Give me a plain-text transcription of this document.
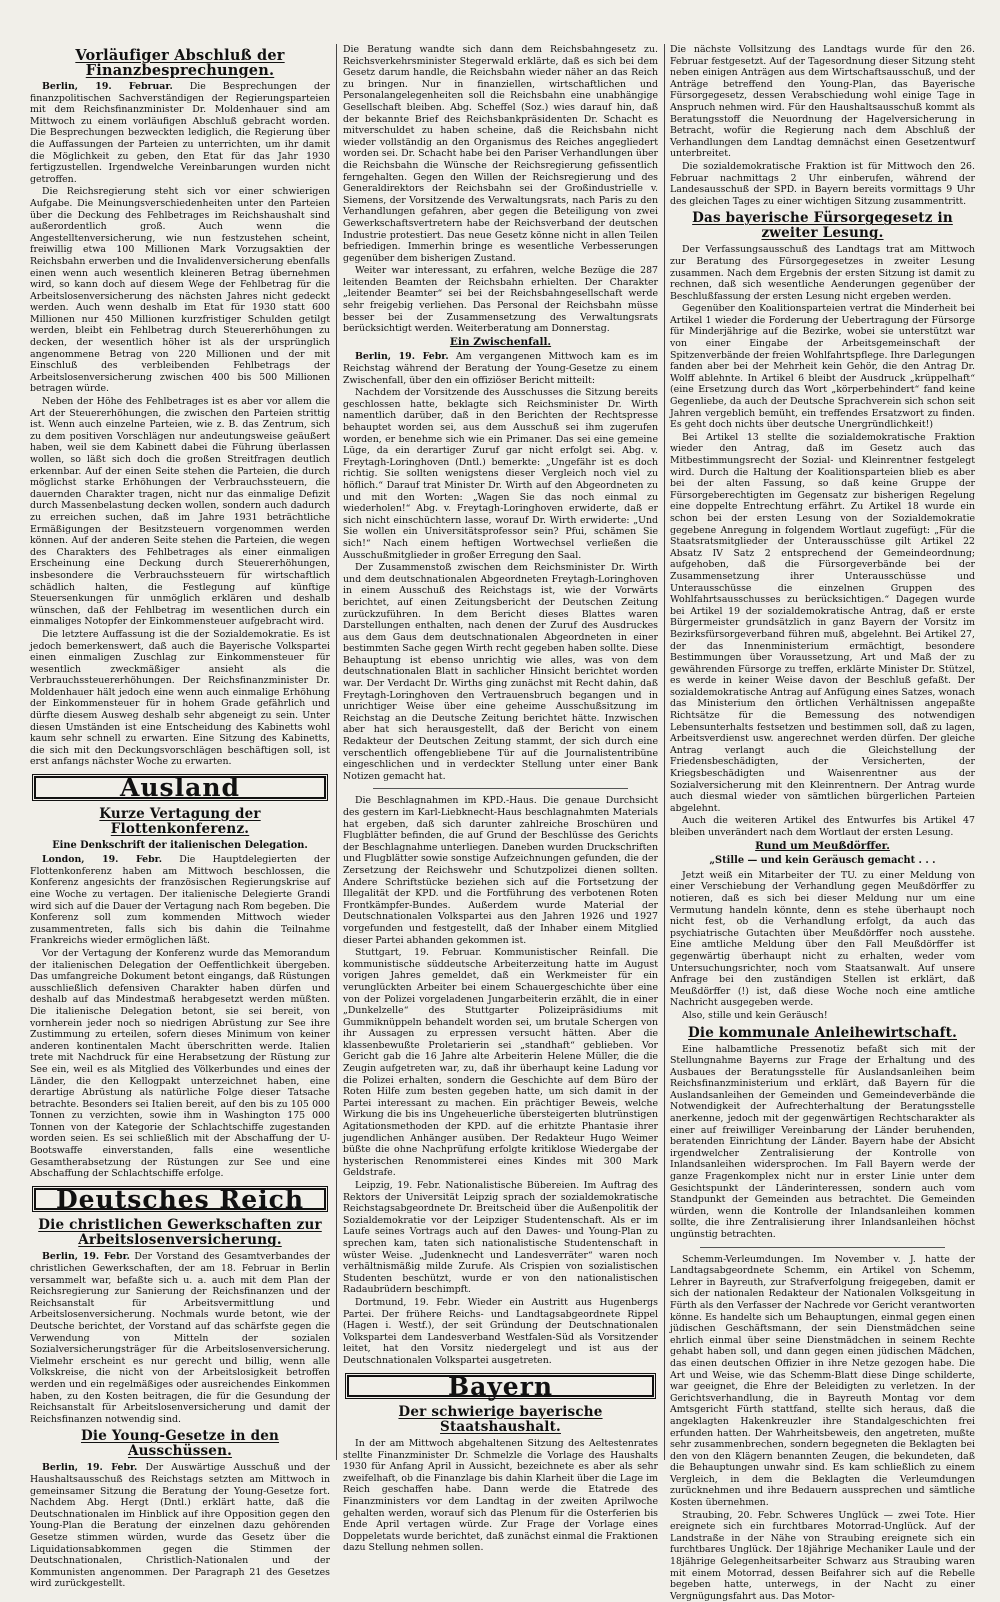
Vorläufiger Abschluß der Finanzbesprechungen.

Berlin, 19. Februar. Die Besprechungen der finanzpolitischen Sachverständigen der Regierungsparteien mit dem Reichsfinanzminister Dr. Moldenhauer sind am Mittwoch zu einem vorläufigen Abschluß gebracht worden. Die Besprechungen bezweckten lediglich, die Regierung über die Auffassungen der Parteien zu unterrichten, um ihr damit die Möglichkeit zu geben, den Etat für das Jahr 1930 fertigzustellen. Irgendwelche Vereinbarungen wurden nicht getroffen.

Die Reichsregierung steht sich vor einer schwierigen Aufgabe. Die Meinungsverschiedenheiten unter den Parteien über die Deckung des Fehlbetrages im Reichshaushalt sind außerordentlich groß. Auch wenn die Angestelltenversicherung, wie nun festzustehen scheint, freiwillig etwa 100 Millionen Mark Vorzugsaktien der Reichsbahn erwerben und die Invalidenversicherung ebenfalls einen wenn auch wesentlich kleineren Betrag übernehmen wird, so kann doch auf diesem Wege der Fehlbetrag für die Arbeitslosenversicherung des nächsten Jahres nicht gedeckt werden. Auch wenn deshalb im Etat für 1930 statt 600 Millionen nur 450 Millionen kurzfristiger Schulden getilgt werden, bleibt ein Fehlbetrag durch Steuererhöhungen zu decken, der wesentlich höher ist als der ursprünglich angenommene Betrag von 220 Millionen und der mit Einschluß des verbleibenden Fehlbetrags der Arbeitslosenversicherung zwischen 400 bis 500 Millionen betragen würde.

Neben der Höhe des Fehlbetrages ist es aber vor allem die Art der Steuererhöhungen, die zwischen den Parteien strittig ist. Wenn auch einzelne Parteien, wie z. B. das Zentrum, sich zu dem positiven Vorschlägen nur andeutungsweise geäußert haben, weil sie dem Kabinett dabei die Führung überlassen wollen, so läßt sich doch die großen Streitfragen deutlich erkennbar. Auf der einen Seite stehen die Parteien, die durch möglichst starke Erhöhungen der Verbrauchssteuern, die dauernden Charakter tragen, nicht nur das einmalige Defizit durch Massenbelastung decken wollen, sondern auch dadurch zu erreichen suchen, daß im Jahre 1931 beträchtliche Ermäßigungen der Besitzsteuern vorgenommen werden können. Auf der anderen Seite stehen die Parteien, die wegen des Charakters des Fehlbetrages als einer einmaligen Erscheinung eine Deckung durch Steuererhöhungen, insbesondere die Verbrauchssteuern für wirtschaftlich schädlich halten, die Festlegung auf künftige Steuersenkungen für unmöglich erklären und deshalb wünschen, daß der Fehlbetrag im wesentlichen durch ein einmaliges Notopfer der Einkommensteuer aufgebracht wird.

Die letztere Auffassung ist die der Sozialdemokratie. Es ist jedoch bemerkenswert, daß auch die Bayerische Volkspartei einen einmaligen Zuschlag zur Einkommensteuer für wesentlich zweckmäßiger ansieht als die Verbrauchssteuererhöhungen. Der Reichsfinanzminister Dr. Moldenhauer hält jedoch eine wenn auch einmalige Erhöhung der Einkommensteuer für in hohem Grade gefährlich und dürfte diesem Ausweg deshalb sehr abgeneigt zu sein. Unter diesen Umständen ist eine Entscheidung des Kabinetts wohl kaum sehr schnell zu erwarten. Eine Sitzung des Kabinetts, die sich mit den Deckungsvorschlägen beschäftigen soll, ist erst anfangs nächster Woche zu erwarten.

Ausland
Kurze Vertagung der Flottenkonferenz.
Eine Denkschrift der italienischen Delegation.

London, 19. Febr. Die Hauptdelegierten der Flottenkonferenz haben am Mittwoch beschlossen, die Konferenz angesichts der französischen Regierungskrise auf eine Woche zu vertagen. Der italienische Delegierte Grandi wird sich auf die Dauer der Vertagung nach Rom begeben. Die Konferenz soll zum kommenden Mittwoch wieder zusammentreten, falls sich bis dahin die Teilnahme Frankreichs wieder ermöglichen läßt.

Vor der Vertagung der Konferenz wurde das Memorandum der italienischen Delegation der Oeffentlichkeit übergeben. Das umfangreiche Dokument betont eingangs, daß Rüstungen ausschließlich defensiven Charakter haben dürfen und deshalb auf das Mindestmaß herabgesetzt werden müßten. Die italienische Delegation betont, sie sei bereit, von vornherein jeder noch so niedrigen Abrüstung zur See ihre Zustimmung zu erteilen, sofern dieses Minimum von keiner anderen kontinentalen Macht überschritten werde. Italien trete mit Nachdruck für eine Herabsetzung der Rüstung zur See ein, weil es als Mitglied des Völkerbundes und eines der Länder, die den Kellogpakt unterzeichnet haben, eine derartige Abrüstung als natürliche Folge dieser Tatsache betrachte. Besonders sei Italien bereit, auf den bis zu 105 000 Tonnen zu verzichten, sowie ihm in Washington 175 000 Tonnen von der Kategorie der Schlachtschiffe zugestanden worden seien. Es sei schließlich mit der Abschaffung der U-Bootswaffe einverstanden, falls eine wesentliche Gesamtherabsetzung der Rüstungen zur See und eine Abschaffung der Schlachtschiffe erfolge.

Deutsches Reich
Die christlichen Gewerkschaften zur Arbeitslosenversicherung.

Berlin, 19. Febr. Der Vorstand des Gesamtverbandes der christlichen Gewerkschaften, der am 18. Februar in Berlin versammelt war, befaßte sich u. a. auch mit dem Plan der Reichsregierung zur Sanierung der Reichsfinanzen und der Reichsanstalt für Arbeitsvermittlung und Arbeitslosenversicherung. Nochmals wurde betont, wie der Deutsche berichtet, der Vorstand auf das schärfste gegen die Verwendung von Mitteln der sozialen Sozialversicherungsträger für die Arbeitslosenversicherung. Vielmehr erscheint es nur gerecht und billig, wenn alle Volkskreise, die nicht von der Arbeitslosigkeit betroffen werden und ein regelmäßiges oder ausreichendes Einkommen haben, zu den Kosten beitragen, die für die Gesundung der Reichsanstalt für Arbeitslosenversicherung und damit der Reichsfinanzen notwendig sind.

Die Young-Gesetze in den Ausschüssen.

Berlin, 19. Febr. Der Auswärtige Ausschuß und der Haushaltsausschuß des Reichstags setzten am Mittwoch in gemeinsamer Sitzung die Beratung der Young-Gesetze fort. Nachdem Abg. Hergt (Dntl.) erklärt hatte, daß die Deutschnationalen im Hinblick auf ihre Opposition gegen den Young-Plan die Beratung der einzelnen dazu gehörenden Gesetze stimmen würden, wurde das Gesetz über die Liquidationsabkommen gegen die Stimmen der Deutschnationalen, Christlich-Nationalen und der Kommunisten angenommen. Der Paragraph 21 des Gesetzes wird zurückgestellt.

Die Beratung wandte sich dann dem Reichsbahngesetz zu. Reichsverkehrsminister Stegerwald erklärte, daß es sich bei dem Gesetz darum handle, die Reichsbahn wieder näher an das Reich zu bringen. Nur in finanziellen, wirtschaftlichen und Personalangelegenheiten soll die Reichsbahn eine unabhängige Gesellschaft bleiben. Abg. Scheffel (Soz.) wies darauf hin, daß der bekannte Brief des Reichsbankpräsidenten Dr. Schacht es mitverschuldet zu haben scheine, daß die Reichsbahn nicht wieder vollständig an den Organismus des Reiches angegliedert worden sei. Dr. Schacht habe bei den Pariser Verhandlungen über die Reichsbahn die Wünsche der Reichsregierung gefissentlich ferngehalten. Gegen den Willen der Reichsregierung und des Generaldirektors der Reichsbahn sei der Großindustrielle v. Siemens, der Vorsitzende des Verwaltungsrats, nach Paris zu den Verhandlungen gefahren, aber gegen die Beteiligung von zwei Gewerkschaftsvertretern habe der Reichsverband der deutschen Industrie protestiert. Das neue Gesetz könne nicht in allen Teilen befriedigen. Immerhin bringe es wesentliche Verbesserungen gegenüber dem bisherigen Zustand.

Weiter war interessant, zu erfahren, welche Bezüge die 287 leitenden Beamten der Reichsbahn erhielten. Der Charakter „leitender Beamter“ sei bei der Reichsbahngesellschaft werde sehr freigebig verliehen. Das Personal der Reichsbahn müsse besser bei der Zusammensetzung des Verwaltungsrats berücksichtigt werden. Weiterberatung am Donnerstag.

Ein Zwischenfall.

Berlin, 19. Febr. Am vergangenen Mittwoch kam es im Reichstag während der Beratung der Young-Gesetze zu einem Zwischenfall, über den ein offiziöser Bericht mitteilt:

Nachdem der Vorsitzende des Ausschusses die Sitzung bereits geschlossen hatte, beklagte sich Reichsminister Dr. Wirth namentlich darüber, daß in den Berichten der Rechtspresse behauptet worden sei, aus dem Ausschuß sei ihm zugerufen worden, er benehme sich wie ein Primaner. Das sei eine gemeine Lüge, da ein derartiger Zuruf gar nicht erfolgt sei. Abg. v. Freytagh-Loringhoven (Dntl.) bemerkte: „Ungefähr ist es doch richtig. Sie sollten wenigstens dieser Vergleich noch viel zu höflich.“ Darauf trat Minister Dr. Wirth auf den Abgeordneten zu und mit den Worten: „Wagen Sie das noch einmal zu wiederholen!“ Abg. v. Freytagh-Loringhoven erwiderte, daß er sich nicht einschüchtern lasse, worauf Dr. Wirth erwiderte: „Und Sie wollen ein Universitätsprofessor sein? Pfui, schämen Sie sich!“ Nach einem heftigen Wortwechsel verließen die Ausschußmitglieder in großer Erregung den Saal.

Der Zusammenstoß zwischen dem Reichsminister Dr. Wirth und dem deutschnationalen Abgeordneten Freytagh-Loringhoven in einem Ausschuß des Reichstags ist, wie der Vorwärts berichtet, auf einen Zeitungsbericht der Deutschen Zeitung zurückzuführen. In dem Bericht dieses Blattes waren Darstellungen enthalten, nach denen der Zuruf des Ausdruckes aus dem Gaus dem deutschnationalen Abgeordneten in einer bestimmten Sache gegen Wirth recht gegeben haben sollte. Diese Behauptung ist ebenso unrichtig wie alles, was von dem deutschnationalen Blatt in sachlicher Hinsicht berichtet worden war. Der Verdacht Dr. Wirths ging zunächst mit Recht dahin, daß Freytagh-Loringhoven den Vertrauensbruch begangen und in unrichtiger Weise über eine geheime Ausschußsitzung im Reichstag an die Deutsche Zeitung berichtet hätte. Inzwischen aber hat sich herausgestellt, daß der Bericht von einem Redakteur der Deutschen Zeitung stammt, der sich durch eine verschentlich offengebliebene Tür auf die Journalistentribüne eingeschlichen und in verdeckter Stellung unter einer Bank Notizen gemacht hat.

Die Beschlagnahmen im KPD.-Haus. Die genaue Durchsicht des gestern im Karl-Liebknecht-Haus beschlagnahmten Materials hat ergeben, daß sich darunter zahlreiche Broschüren und Flugblätter befinden, die auf Grund der Beschlüsse des Gerichts der Beschlagnahme unterliegen. Daneben wurden Druckschriften und Flugblätter sowie sonstige Aufzeichnungen gefunden, die der Zersetzung der Reichswehr und Schutzpolizei dienen sollten. Andere Schriftstücke beziehen sich auf die Fortsetzung der Illegalität der KPD. und die Fortführung des verbotenen Roten Frontkämpfer-Bundes. Außerdem wurde Material der Deutschnationalen Volkspartei aus den Jahren 1926 und 1927 vorgefunden und festgestellt, daß der Inhaber einem Mitglied dieser Partei abhanden gekommen ist.

Stuttgart, 19. Februar. Kommunistischer Reinfall. Die kommunistische süddeutsche Arbeiterzeitung hatte im August vorigen Jahres gemeldet, daß ein Werkmeister für ein verunglückten Arbeiter bei einem Schauergeschichte über eine von der Polizei vorgeladenen Jungarbeiterin erzählt, die in einer „Dunkelzelle“ des Stuttgarter Polizeipräsidiums mit Gummiknüppeln behandelt worden sei, um brutale Schergen von ihr Aussagen zu erpressen versucht hätten. Aber die klassenbewußte Proletarierin sei „standhaft“ geblieben. Vor Gericht gab die 16 Jahre alte Arbeiterin Helene Müller, die die Zeugin aufgetreten war, zu, daß ihr überhaupt keine Ladung vor die Polizei erhalten, sondern die Geschichte auf dem Büro der Roten Hilfe zum besten gegeben hatte, um sich damit in der Partei interessant zu machen. Ein prächtiger Beweis, welche Wirkung die bis ins Ungeheuerliche übersteigerten blutrünstigen Agitationsmethoden der KPD. auf die erhitzte Phantasie ihrer jugendlichen Anhänger ausüben. Der Redakteur Hugo Weimer büßte die ohne Nachprüfung erfolgte kritiklose Wiedergabe der hysterischen Renommisterei eines Kindes mit 300 Mark Geldstrafe.

Leipzig, 19. Febr. Nationalistische Bübereien. Im Auftrag des Rektors der Universität Leipzig sprach der sozialdemokratische Reichstagsabgeordnete Dr. Breitscheid über die Außenpolitik der Sozialdemokratie vor der Leipziger Studentenschaft. Als er im Laufe seines Vortrags auch auf den Dawes- und Young-Plan zu sprechen kam, taten sich nationalistische Studentenschaft in wüster Weise. „Judenknecht und Landesverräter“ waren noch verhältnismäßig milde Zurufe. Als Crispien von sozialistischen Studenten beschützt, wurde er von den nationalistischen Radaubrüdern beschimpft.

Dortmund, 19. Febr. Wieder ein Austritt aus Hugenbergs Partei. Der frühere Reichs- und Landtagsabgeordnete Rippel (Hagen i. Westf.), der seit Gründung der Deutschnationalen Volkspartei dem Landesverband Westfalen-Süd als Vorsitzender leitet, hat den Vorsitz niedergelegt und ist aus der Deutschnationalen Volkspartei ausgetreten.

Bayern
Der schwierige bayerische Staatshaushalt.

In der am Mittwoch abgehaltenen Sitzung des Aeltestenrates stellte Finanzminister Dr. Schmelzle die Vorlage des Haushalts 1930 für Anfang April in Aussicht, bezeichnete es aber als sehr zweifelhaft, ob die Finanzlage bis dahin Klarheit über die Lage im Reich geschaffen habe. Dann werde die Etatrede des Finanzministers vor dem Landtag in der zweiten Aprilwoche gehalten werden, worauf sich das Plenum für die Osterferien bis Ende April vertagen würde. Zur Frage der Vorlage eines Doppeletats wurde berichtet, daß zunächst einmal die Fraktionen dazu Stellung nehmen sollen.

Die nächste Vollsitzung des Landtags wurde für den 26. Februar festgesetzt. Auf der Tagesordnung dieser Sitzung steht neben einigen Anträgen aus dem Wirtschaftsausschuß, und der Anträge betreffend den Young-Plan, das Bayerische Fürsorgegesetz, dessen Verabschiedung wohl einige Tage in Anspruch nehmen wird. Für den Haushaltsausschuß kommt als Beratungsstoff die Neuordnung der Hagelversicherung in Betracht, wofür die Regierung nach dem Abschluß der Verhandlungen dem Landtag demnächst einen Gesetzentwurf unterbreitet.

Die sozialdemokratische Fraktion ist für Mittwoch den 26. Februar nachmittags 2 Uhr einberufen, während der Landesausschuß der SPD. in Bayern bereits vormittags 9 Uhr des gleichen Tages zu einer wichtigen Sitzung zusammentritt.

Das bayerische Fürsorgegesetz in zweiter Lesung.

Der Verfassungsausschuß des Landtags trat am Mittwoch zur Beratung des Fürsorgegesetzes in zweiter Lesung zusammen. Nach dem Ergebnis der ersten Sitzung ist damit zu rechnen, daß sich wesentliche Aenderungen gegenüber der Beschlußfassung der ersten Lesung nicht ergeben werden.

Gegenüber den Koalitionsparteien vertrat die Minderheit bei Artikel 1 wieder die Forderung der Uebertragung der Fürsorge für Minderjährige auf die Bezirke, wobei sie unterstützt war von einer Eingabe der Arbeitsgemeinschaft der Spitzenverbände der freien Wohlfahrtspflege. Ihre Darlegungen fanden aber bei der Mehrheit kein Gehör, die den Antrag Dr. Wolff ablehnte. In Artikel 6 bleibt der Ausdruck „krüppelhaft“ (eine Ersetzung durch das Wort „körperbehindert“ fand keine Gegenliebe, da auch der Deutsche Sprachverein sich schon seit Jahren vergeblich bemüht, ein treffendes Ersatzwort zu finden. Es geht doch nichts über deutsche Unergründlichkeit!)

Bei Artikel 13 stellte die sozialdemokratische Fraktion wieder den Antrag, daß im Gesetz auch das Mitbestimmungsrecht der Sozial- und Kleinrentner festgelegt wird. Durch die Haltung der Koalitionsparteien blieb es aber bei der alten Fassung, so daß keine Gruppe der Fürsorgeberechtigten im Gegensatz zur bisherigen Regelung eine doppelte Entrechtung erfährt. Zu Artikel 18 wurde ein schon bei der ersten Lesung von der Sozialdemokratie gegebene Anregung in folgendem Wortlaut zugefügt: „Für die Staatsratsmitglieder der Unterausschüsse gilt Artikel 22 Absatz IV Satz 2 entsprechend der Gemeindeordnung; aufgehoben, daß die Fürsorgeverbände bei der Zusammensetzung ihrer Unterausschüsse und Unterausschüsse die einzelnen Gruppen des Wohlfahrtsausschusses zu berücksichtigen.“ Dagegen wurde bei Artikel 19 der sozialdemokratische Antrag, daß er erste Bürgermeister grundsätzlich in ganz Bayern der Vorsitz im Bezirksfürsorgeverband führen muß, abgelehnt. Bei Artikel 27, der das Innenministerium ermächtigt, besondere Bestimmungen über Voraussetzung, Art und Maß der zu gewährenden Fürsorge zu treffen, erklärte Minister Dr. Stützel, es werde in keiner Weise davon der Beschluß gefaßt. Der sozialdemokratische Antrag auf Anfügung eines Satzes, wonach das Ministerium den örtlichen Verhältnissen angepaßte Richtsätze für die Bemessung des notwendigen Lebensunterhalts festsetzen und bestimmen soll, daß zu lagen, Arbeitsverdienst usw. angerechnet werden dürfen. Der gleiche Antrag verlangt auch die Gleichstellung der Friedensbeschädigten, der Versicherten, der Kriegsbeschädigten und Waisenrentner aus der Sozialversicherung mit den Kleinrentnern. Der Antrag wurde auch diesmal wieder von sämtlichen bürgerlichen Parteien abgelehnt.

Auch die weiteren Artikel des Entwurfes bis Artikel 47 bleiben unverändert nach dem Wortlaut der ersten Lesung.

Rund um Meußdörffer.
„Stille — und kein Geräusch gemacht . . .

Jetzt weiß ein Mitarbeiter der TU. zu einer Meldung von einer Verschiebung der Verhandlung gegen Meußdörffer zu notieren, daß es sich bei dieser Meldung nur um eine Vermutung handeln könnte, denn es stehe überhaupt noch nicht fest, ob die Verhandlung erfolgt, da auch das psychiatrische Gutachten über Meußdörffer noch ausstehe. Eine amtliche Meldung über den Fall Meußdörffer ist gegenwärtig überhaupt nicht zu erhalten, weder vom Untersuchungsrichter, noch vom Staatsanwalt. Auf unsere Anfrage bei den zuständigen Stellen ist erklärt, daß Meußdörffer (!) ist, daß diese Woche noch eine amtliche Nachricht ausgegeben werde.

Also, stille und kein Geräusch!

Die kommunale Anleihewirtschaft.

Eine halbamtliche Pressenotiz befaßt sich mit der Stellungnahme Bayerns zur Frage der Erhaltung und des Ausbaues der Beratungsstelle für Auslandsanleihen beim Reichsfinanzministerium und erklärt, daß Bayern für die Auslandsanleihen der Gemeinden und Gemeindeverbände die Notwendigkeit der Aufrechterhaltung der Beratungsstelle anerkenne, jedoch mit der gegenwärtigen Rechtscharakter als einer auf freiwilliger Vereinbarung der Länder beruhenden, beratenden Einrichtung der Länder. Bayern habe der Absicht irgendwelcher Zentralisierung der Kontrolle von Inlandsanleihen widersprochen. Im Fall Bayern werde der ganze Fragenkomplex nicht nur in erster Linie unter dem Gesichtspunkt der Länderinteressen, sondern auch vom Standpunkt der Gemeinden aus betrachtet. Die Gemeinden würden, wenn die Kontrolle der Inlandsanleihen kommen sollte, die ihre Zentralisierung ihrer Inlandsanleihen höchst ungünstig betrachten.

Schemm-Verleumdungen. Im November v. J. hatte der Landtagsabgeordnete Schemm, ein Artikel von Schemm, Lehrer in Bayreuth, zur Strafverfolgung freigegeben, damit er sich der nationalen Redakteur der Nationalen Volksgeitung in Fürth als den Verfasser der Nachrede vor Gericht verantworten könne. Es handelte sich um Behauptungen, einmal gegen einen jüdischen Geschäftsmann, der sein Dienstmädchen seine ehrlich einmal über seine Dienstmädchen in seinem Rechte gehabt haben soll, und dann gegen einen jüdischen Mädchen, das einen deutschen Offizier in ihre Netze gezogen habe. Die Art und Weise, wie das Schemm-Blatt diese Dinge schilderte, war geeignet, die Ehre der Beleidigten zu verletzen. In der Gerichtsverhandlung, die in Bayreuth Montag vor dem Amtsgericht Fürth stattfand, stellte sich heraus, daß die angeklagten Hakenkreuzler ihre Standalgeschichten frei erfunden hatten. Der Wahrheitsbeweis, den angetreten, mußte sehr zusammenbrechen, sondern begegneten die Beklagten bei den von den Klägern benannten Zeugen, die bekundeten, daß die Behauptungen unwahr sind. Es kam schließlich zu einem Vergleich, in dem die Beklagten die Verleumdungen zurücknehmen und ihre Bedauern aussprechen und sämtliche Kosten übernehmen.

Straubing, 20. Febr. Schweres Unglück — zwei Tote. Hier ereignete sich ein furchtbares Motorrad-Unglück. Auf der Landstraße in der Nähe von Straubing ereignete sich ein furchtbares Unglück. Der 18jährige Mechaniker Laule und der 18jährige Gelegenheitsarbeiter Schwarz aus Straubing waren mit einem Motorrad, dessen Beifahrer sich auf die Rebelle begeben hatte, unterwegs, in der Nacht zu einer Vergnügungsfahrt aus. Das Motor-
